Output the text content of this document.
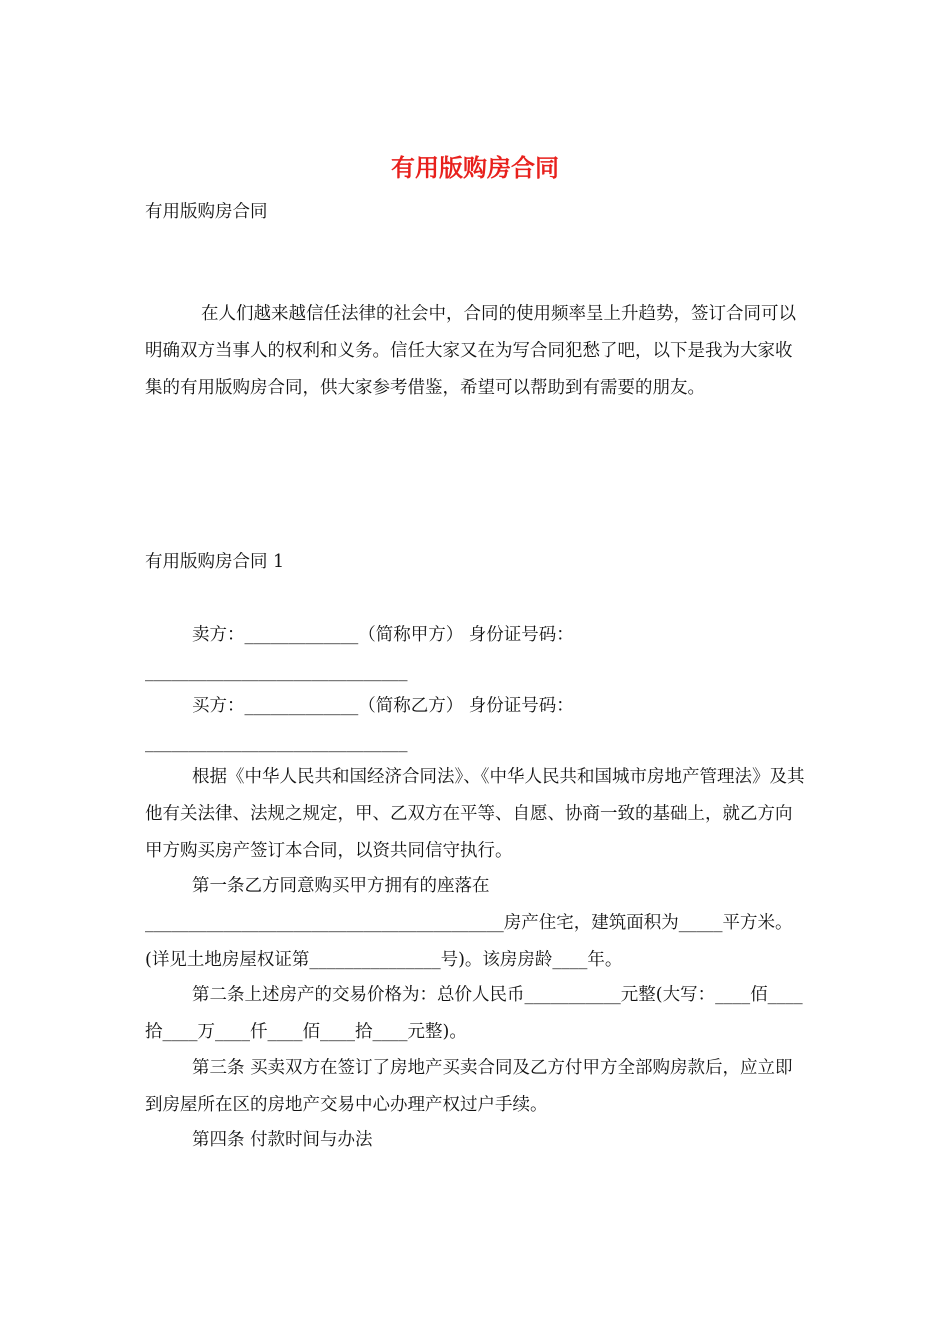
有用版购房合同

有用版购房合同

在人们越来越信任法律的社会中，合同的使用频率呈上升趋势，签订合同可以明确双方当事人的权利和义务。信任大家又在为写合同犯愁了吧，以下是我为大家收集的有用版购房合同，供大家参考借鉴，希望可以帮助到有需要的朋友。

有用版购房合同 1

卖方：_____________（简称甲方） 身份证号码：______________________________

买方：_____________（简称乙方） 身份证号码：______________________________

根据《中华人民共和国经济合同法》、《中华人民共和国城市房地产管理法》及其他有关法律、法规之规定，甲、乙双方在平等、自愿、协商一致的基础上，就乙方向甲方购买房产签订本合同，以资共同信守执行。

第一条乙方同意购买甲方拥有的座落在_________________________________________房产住宅，建筑面积为_____平方米。(详见土地房屋权证第_______________号)。该房房龄____年。

第二条上述房产的交易价格为：总价人民币___________元整(大写：____佰____拾____万____仟____佰____拾____元整)。

第三条 买卖双方在签订了房地产买卖合同及乙方付甲方全部购房款后，应立即到房屋所在区的房地产交易中心办理产权过户手续。

第四条 付款时间与办法
